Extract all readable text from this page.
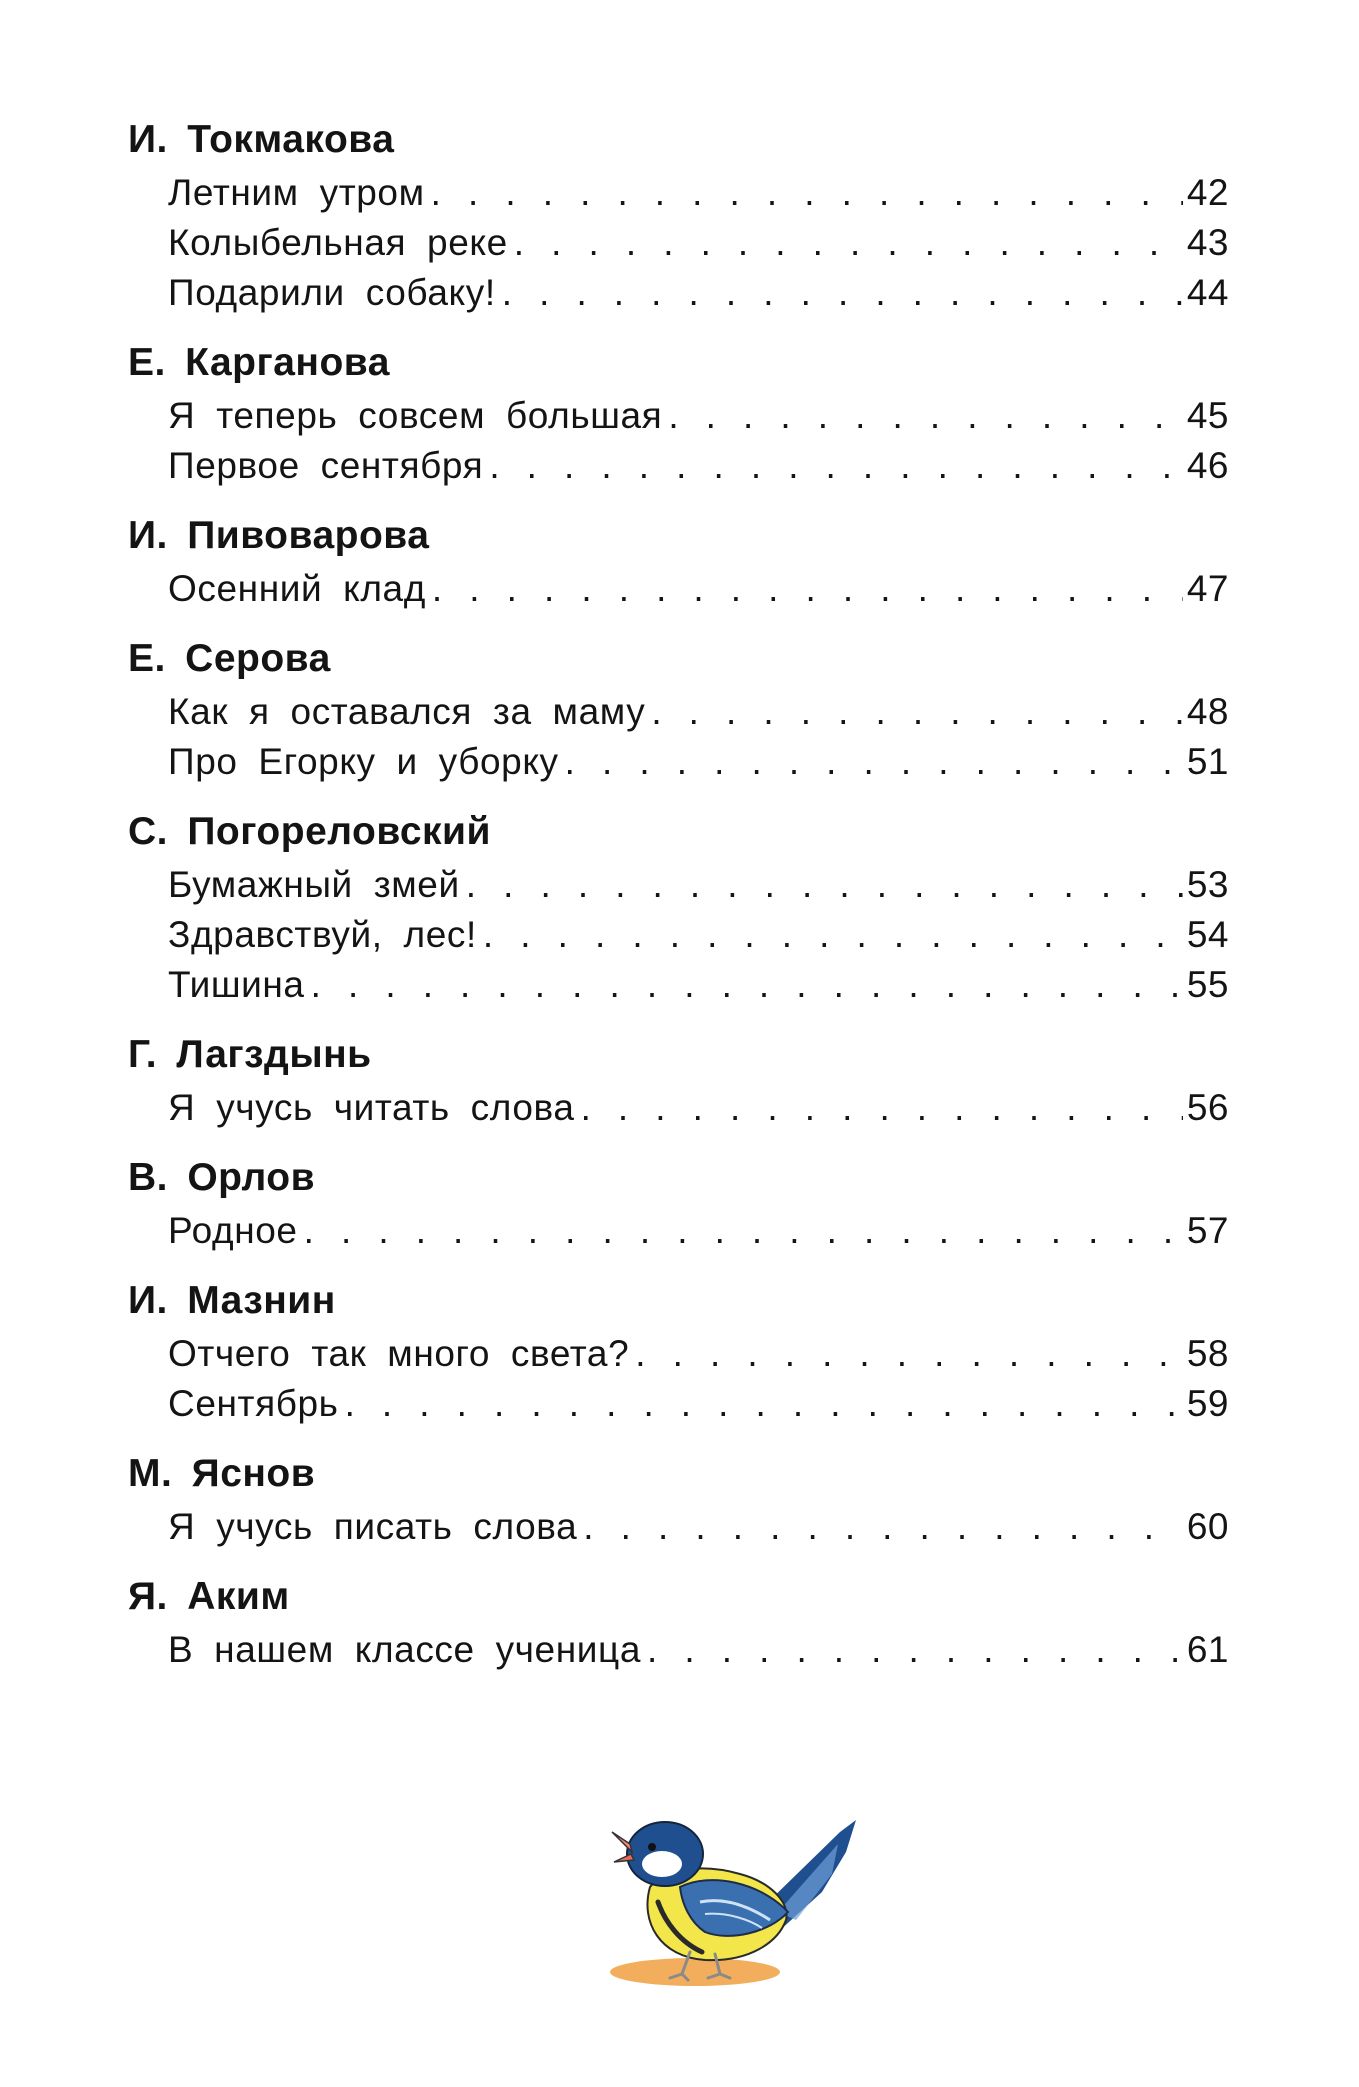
И. Токмакова
Летним утром . . .	42
Колыбельная реке . . .	43
Подарили собаку! . . .	44
Е. Карганова
Я теперь совсем большая . . .	45
Первое сентября . . .	46
И. Пивоварова
Осенний клад . . .	47
Е. Серова
Как я оставался за маму . . .	48
Про Егорку и уборку . . .	51
С. Погореловский
Бумажный змей . . .	53
Здравствуй, лес! . . .	54
Тишина . . .	55
Г. Лагздынь
Я учусь читать слова . . .	56
В. Орлов
Родное . . .	57
И. Мазнин
Отчего так много света? . . .	58
Сентябрь . . .	59
М. Яснов
Я учусь писать слова . . .	60
Я. Аким
В нашем классе ученица . . .	61
